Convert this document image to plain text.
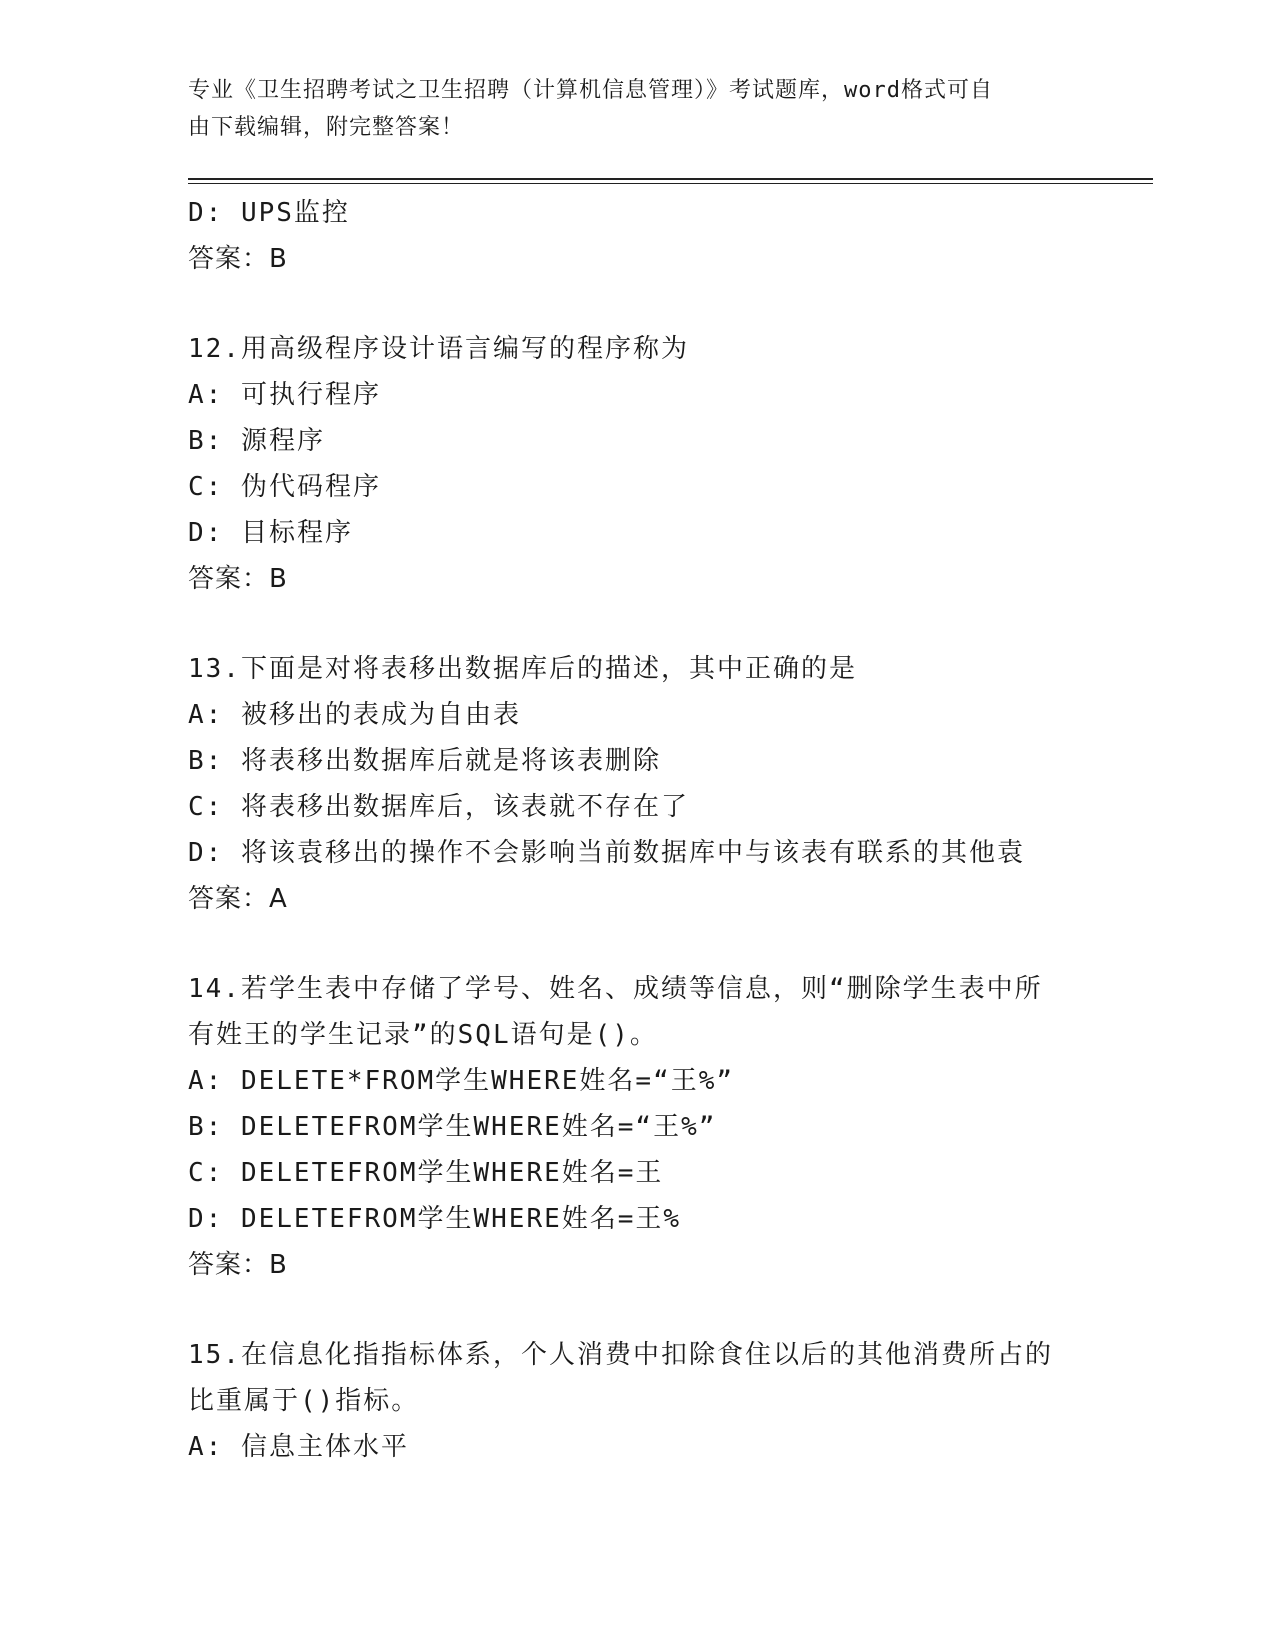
专业《卫生招聘考试之卫生招聘（计算机信息管理）》考试题库，word格式可自
由下载编辑，附完整答案！
D: UPS监控
答案：B
12.用高级程序设计语言编写的程序称为
A: 可执行程序
B: 源程序
C: 伪代码程序
D: 目标程序
答案：B
13.下面是对将表移出数据库后的描述，其中正确的是
A: 被移出的表成为自由表
B: 将表移出数据库后就是将该表删除
C: 将表移出数据库后，该表就不存在了
D: 将该袁移出的操作不会影响当前数据库中与该表有联系的其他袁
答案：A
14.若学生表中存储了学号、姓名、成绩等信息，则“删除学生表中所
有姓王的学生记录”的SQL语句是()。
A: DELETE*FROM学生WHERE姓名=“王%”
B: DELETEFROM学生WHERE姓名=“王%”
C: DELETEFROM学生WHERE姓名=王
D: DELETEFROM学生WHERE姓名=王%
答案：B
15.在信息化指指标体系，个人消费中扣除食住以后的其他消费所占的
比重属于()指标。
A: 信息主体水平
